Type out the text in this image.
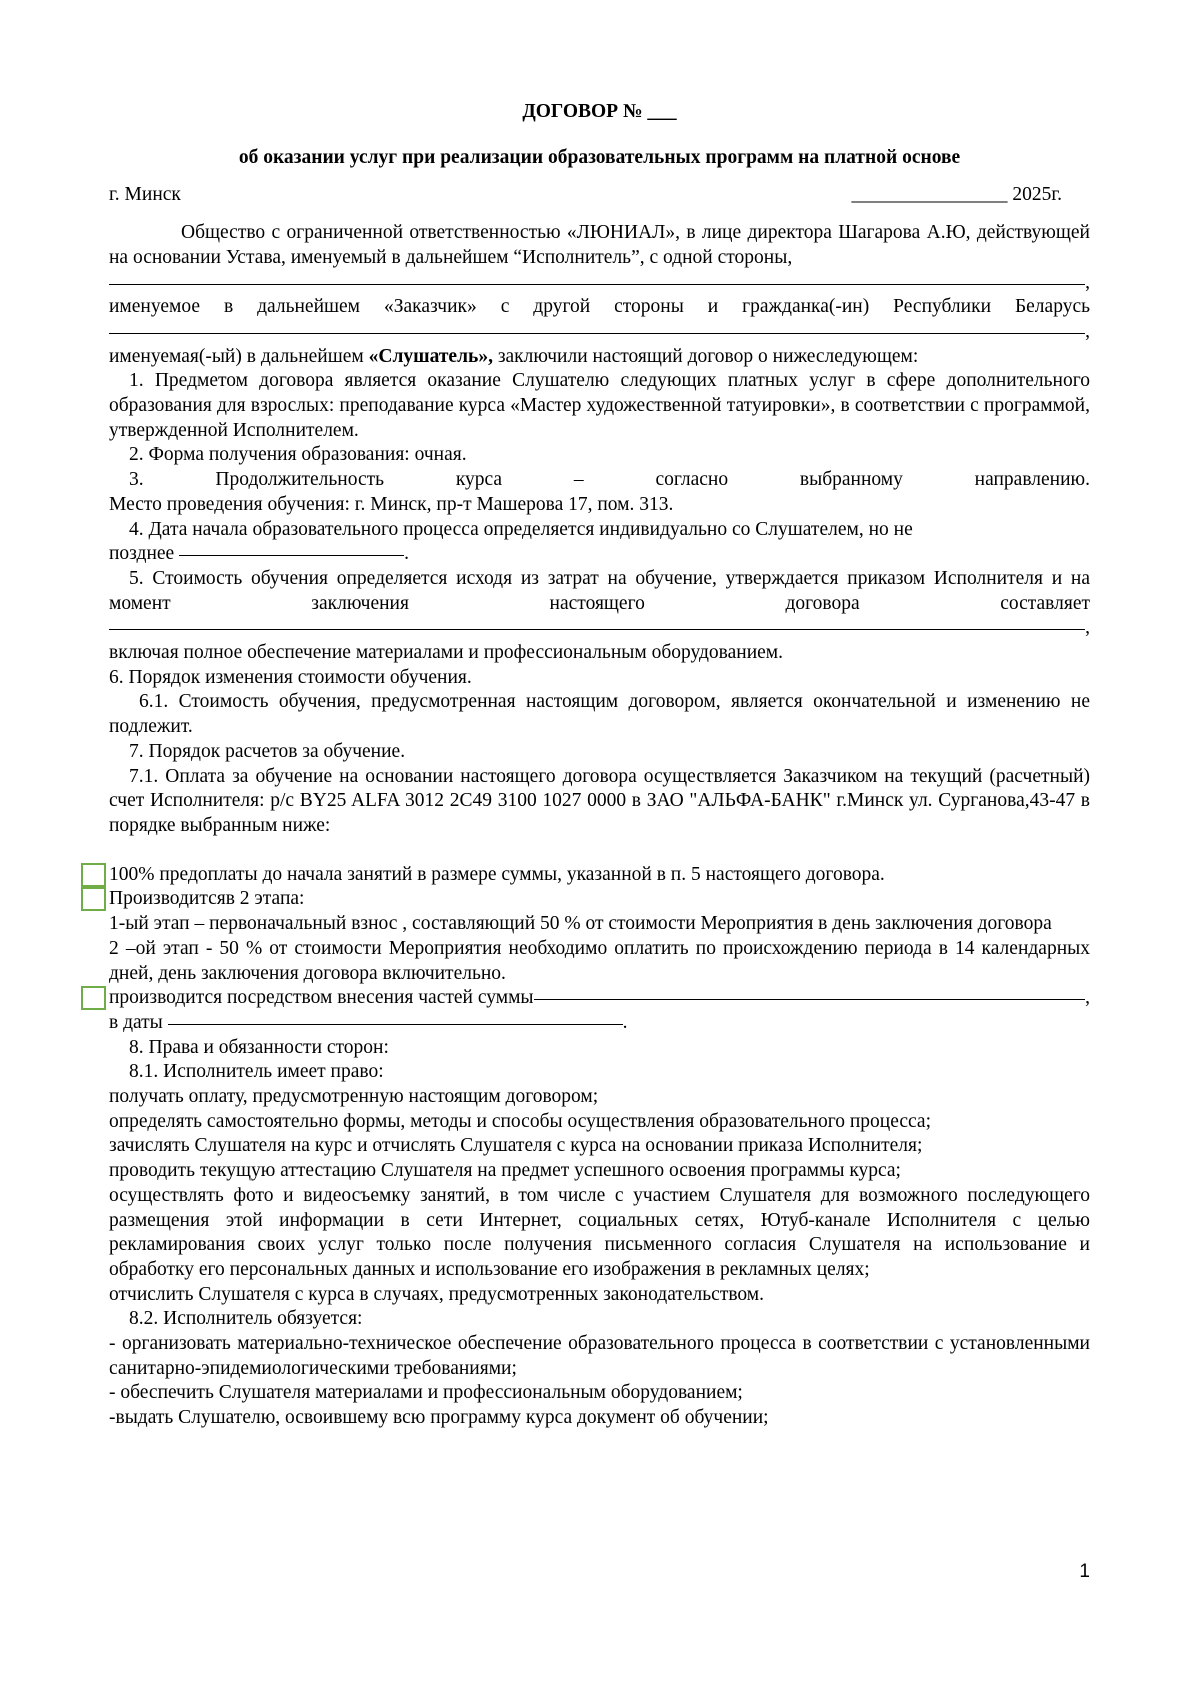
ДОГОВОР № ___

об оказании услуг при реализации образовательных программ на платной основе

г. Минск	________________ 2025г.

Общество с ограниченной ответственностью «ЛЮНИАЛ», в лице директора Шагарова А.Ю, действующей на основании Устава, именуемый в дальнейшем “Исполнитель”, с одной стороны,

,

именуемое в дальнейшем «Заказчик» с другой стороны и гражданка(-ин) Республики Беларусь

,

именуемая(-ый) в дальнейшем «Слушатель», заключили настоящий договор о нижеследующем:

1. Предметом договора является оказание Слушателю следующих платных услуг в сфере дополнительного образования для взрослых: преподавание курса «Мастер художественной татуировки», в соответствии с программой, утвержденной Исполнителем.

2. Форма получения образования: очная.

3. Продолжительность курса – согласно выбранному направлению.

Место проведения обучения: г. Минск, пр-т Машерова 17, пом. 313.

4. Дата начала образовательного процесса определяется индивидуально со Слушателем, но не

позднее	.

5. Стоимость обучения определяется исходя из затрат на обучение, утверждается приказом Исполнителя и на момент заключения настоящего договора составляет

,

включая полное обеспечение материалами и профессиональным оборудованием.

6. Порядок изменения стоимости обучения.

6.1. Стоимость обучения, предусмотренная настоящим договором, является окончательной и изменению не подлежит.

7. Порядок расчетов за обучение.

7.1. Оплата за обучение на основании настоящего договора осуществляется Заказчиком на текущий (расчетный) счет Исполнителя: р/с BY25 ALFA 3012 2C49 3100 1027 0000 в ЗАО "АЛЬФА-БАНК" г.Минск ул. Сурганова,43-47 в порядке выбранным ниже:

100% предоплаты до начала занятий в размере суммы, указанной в п. 5 настоящего договора.

Производитсяв 2 этапа:

1-ый этап – первоначальный взнос , составляющий 50 % от стоимости Мероприятия в день заключения договора

2 –ой этап - 50 % от стоимости Мероприятия необходимо оплатить по происхождению периода в 14 календарных дней, день заключения договора включительно.

производится посредством внесения частей суммы	,

в даты	.

8. Права и обязанности сторон:

8.1. Исполнитель имеет право:

получать оплату, предусмотренную настоящим договором;

определять самостоятельно формы, методы и способы осуществления образовательного процесса;

зачислять Слушателя на курс и отчислять Слушателя с курса на основании приказа Исполнителя;

проводить текущую аттестацию Слушателя на предмет успешного освоения программы курса;

осуществлять фото и видеосъемку занятий, в том числе с участием Слушателя для возможного последующего размещения этой информации в сети Интернет, социальных сетях, Ютуб-канале Исполнителя с целью рекламирования своих услуг только после получения письменного согласия Слушателя на использование и обработку его персональных данных и использование его изображения в рекламных целях;

отчислить Слушателя с курса в случаях, предусмотренных законодательством.

8.2. Исполнитель обязуется:

- организовать материально-техническое обеспечение образовательного процесса в соответствии с установленными санитарно-эпидемиологическими требованиями;

- обеспечить Слушателя материалами и профессиональным оборудованием;

-выдать Слушателю, освоившему всю программу курса документ об обучении;

1
